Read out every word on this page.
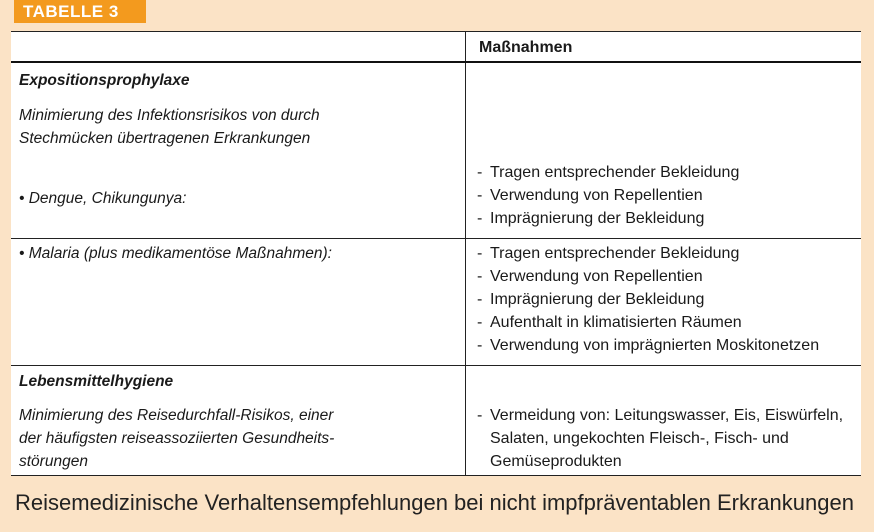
TABELLE 3
Maßnahmen
Expositionsprophylaxe
Minimierung des Infektionsrisikos von durch
Stechmücken übertragenen Erkrankungen
• Dengue, Chikungunya:
- Tragen entsprechender Bekleidung
- Verwendung von Repellentien
- Imprägnierung der Bekleidung
• Malaria (plus medikamentöse Maßnahmen):	- Tragen entsprechender Bekleidung
- Verwendung von Repellentien
- Imprägnierung der Bekleidung
- Aufenthalt in klimatisierten Räumen
- Verwendung von imprägnierten Moskitonetzen
Lebensmittelhygiene
Minimierung des Reisedurchfall-Risikos, einer
der häufigsten reiseassoziierten Gesundheits-
störungen
- Vermeidung von: Leitungswasser, Eis, Eiswürfeln,
Salaten, ungekochten Fleisch-, Fisch- und
Gemüseprodukten
Reisemedizinische Verhaltensempfehlungen bei nicht impfpräventablen Erkrankungen
